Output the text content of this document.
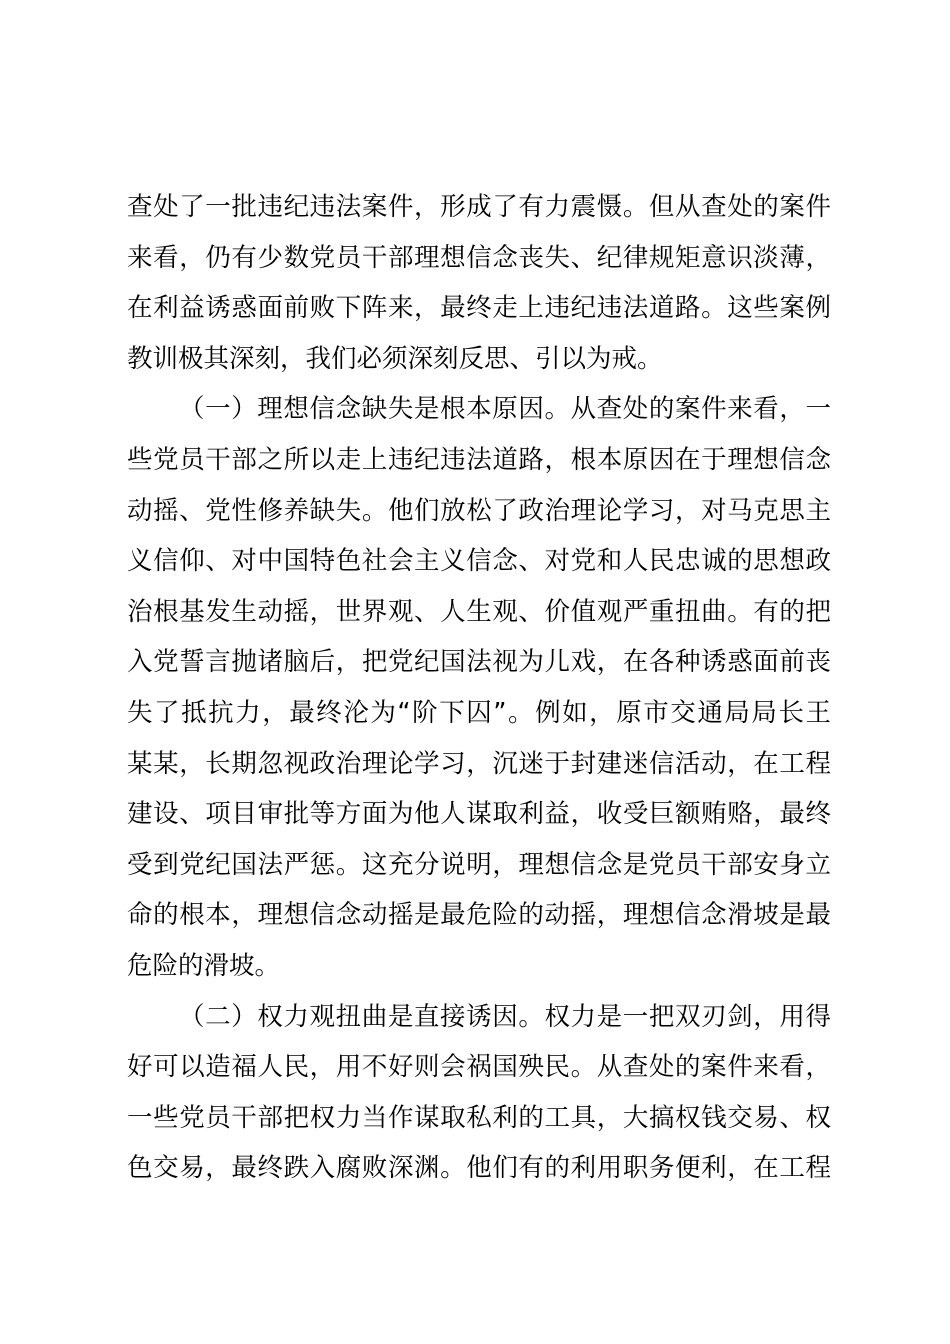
查处了一批违纪违法案件，形成了有力震慑。但从查处的案件
来看，仍有少数党员干部理想信念丧失、纪律规矩意识淡薄，
在利益诱惑面前败下阵来，最终走上违纪违法道路。这些案例
教训极其深刻，我们必须深刻反思、引以为戒。
（一）理想信念缺失是根本原因。从查处的案件来看，一
些党员干部之所以走上违纪违法道路，根本原因在于理想信念
动摇、党性修养缺失。他们放松了政治理论学习，对马克思主
义信仰、对中国特色社会主义信念、对党和人民忠诚的思想政
治根基发生动摇，世界观、人生观、价值观严重扭曲。有的把
入党誓言抛诸脑后，把党纪国法视为儿戏，在各种诱惑面前丧
失了抵抗力，最终沦为“阶下囚”。例如，原市交通局局长王
某某，长期忽视政治理论学习，沉迷于封建迷信活动，在工程
建设、项目审批等方面为他人谋取利益，收受巨额贿赂，最终
受到党纪国法严惩。这充分说明，理想信念是党员干部安身立
命的根本，理想信念动摇是最危险的动摇，理想信念滑坡是最
危险的滑坡。
（二）权力观扭曲是直接诱因。权力是一把双刃剑，用得
好可以造福人民，用不好则会祸国殃民。从查处的案件来看，
一些党员干部把权力当作谋取私利的工具，大搞权钱交易、权
色交易，最终跌入腐败深渊。他们有的利用职务便利，在工程
